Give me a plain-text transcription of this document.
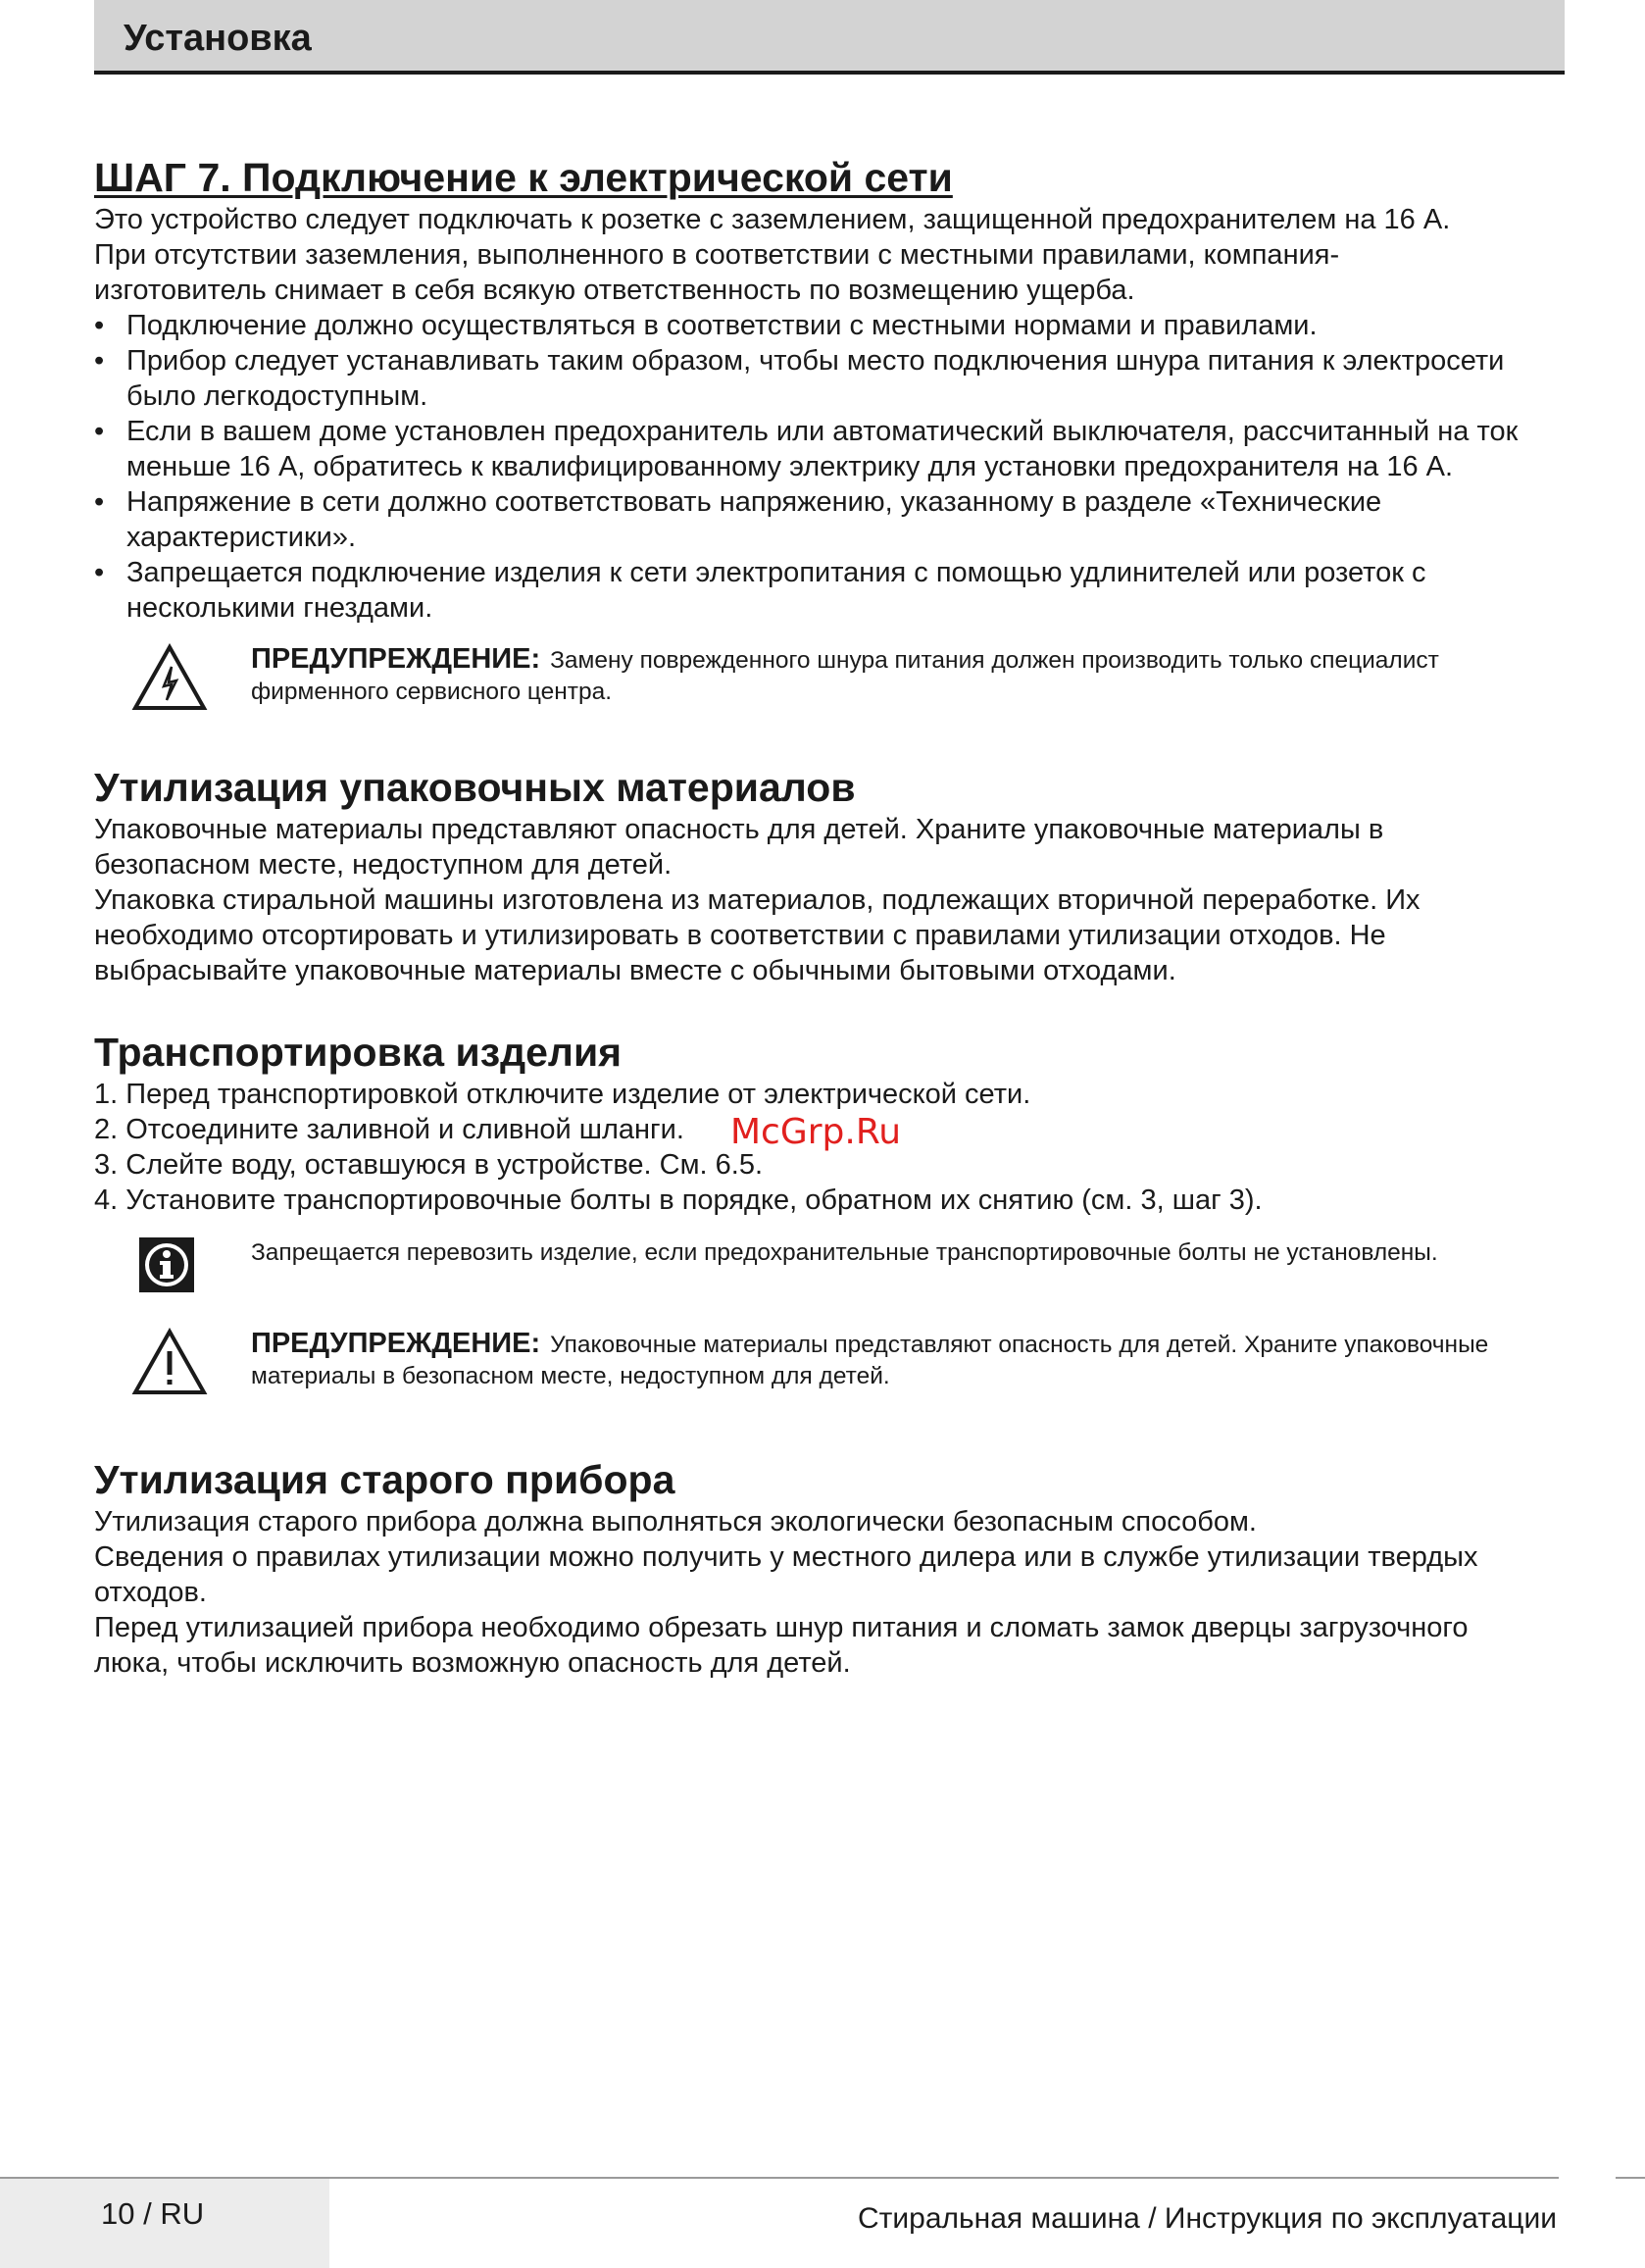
Установка
ШАГ 7. Подключение к электрической сети

Это устройство следует подключать к розетке с заземлением, защищенной предохранителем на 16 А. При отсутствии заземления, выполненного в соответствии с местными правилами, компания-изготовитель снимает в себя всякую ответственность по возмещению ущерба.

• Подключение должно осуществляться в соответствии с местными нормами и правилами.
• Прибор следует устанавливать таким образом, чтобы место подключения шнура питания к электросети было легкодоступным.
• Если в вашем доме установлен предохранитель или автоматический выключателя, рассчитанный на ток меньше 16 А, обратитесь к квалифицированному электрику для установки предохранителя на 16 А.
• Напряжение в сети должно соответствовать напряжению, указанному в разделе «Технические характеристики».
• Запрещается подключение изделия к сети электропитания с помощью удлинителей или розеток с несколькими гнездами.
ПРЕДУПРЕЖДЕНИЕ: Замену поврежденного шнура питания должен производить только специалист фирменного сервисного центра.
Утилизация упаковочных материалов

Упаковочные материалы представляют опасность для детей. Храните упаковочные материалы в безопасном месте, недоступном для детей.

Упаковка стиральной машины изготовлена из материалов, подлежащих вторичной переработке. Их необходимо отсортировать и утилизировать в соответствии с правилами утилизации отходов. Не выбрасывайте упаковочные материалы вместе с обычными бытовыми отходами.

Транспортировка изделия
1. Перед транспортировкой отключите изделие от электрической сети.
2. Отсоедините заливной и сливной шланги.
3. Слейте воду, оставшуюся в устройстве. См. 6.5.
4. Установите транспортировочные болты в порядке, обратном их снятию (см. 3, шаг 3).
Запрещается перевозить изделие, если предохранительные транспортировочные болты не установлены.
ПРЕДУПРЕЖДЕНИЕ: Упаковочные материалы представляют опасность для детей. Храните упаковочные материалы в безопасном месте, недоступном для детей.
Утилизация старого прибора

Утилизация старого прибора должна выполняться экологически безопасным способом.

Сведения о правилах утилизации можно получить у местного дилера или в службе утилизации твердых отходов.

Перед утилизацией прибора необходимо обрезать шнур питания и сломать замок дверцы загрузочного люка, чтобы исключить возможную опасность для детей.

McGrp.Ru
10 / RU	Стиральная машина / Инструкция по эксплуатации
